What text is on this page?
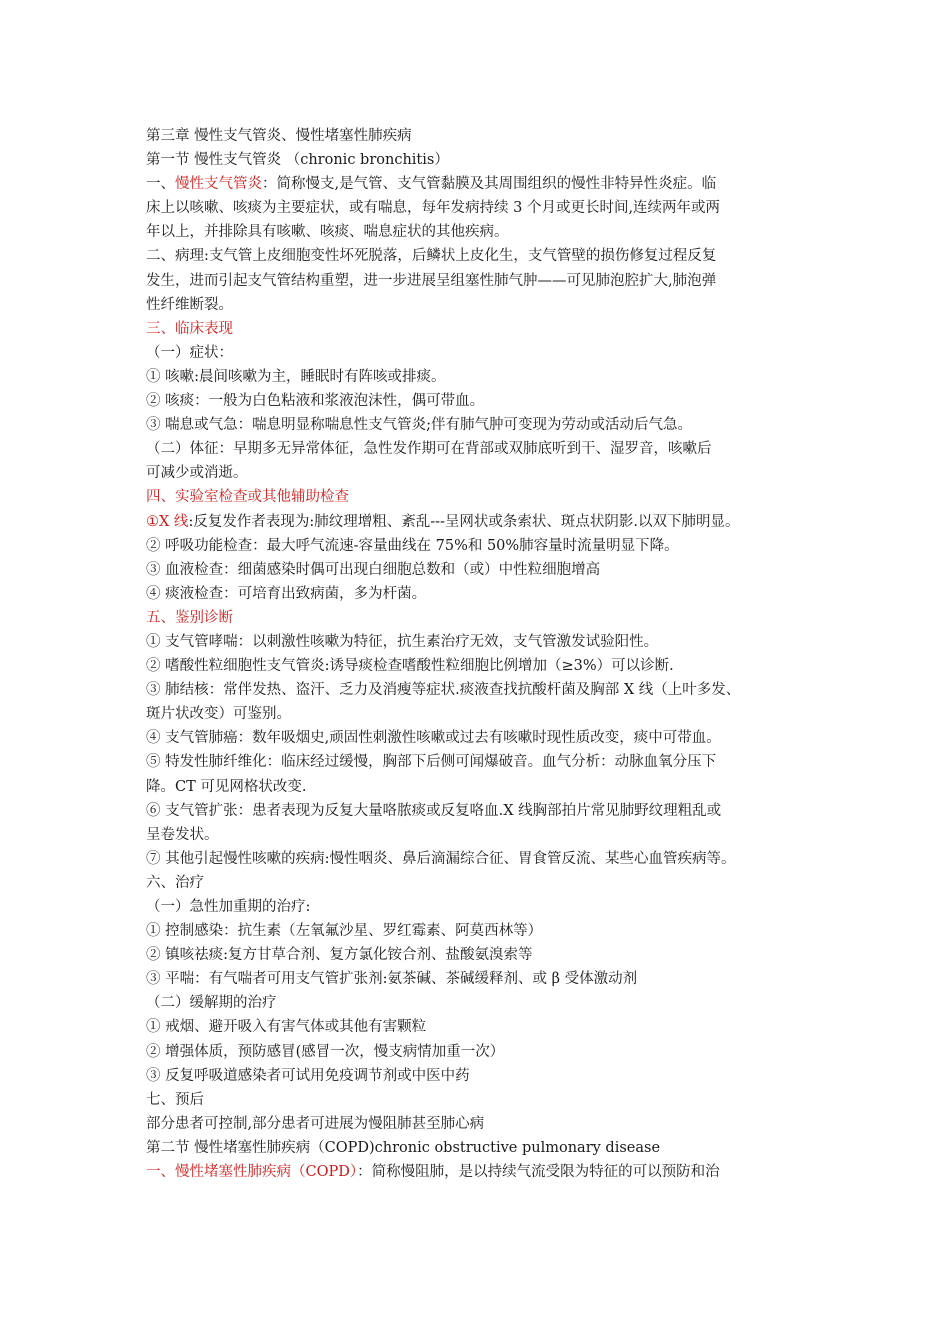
第三章 慢性支气管炎、慢性堵塞性肺疾病
第一节 慢性支气管炎 （chronic bronchitis）
一、慢性支气管炎：简称慢支,是气管、支气管黏膜及其周围组织的慢性非特异性炎症。临
床上以咳嗽、咳痰为主要症状，或有喘息，每年发病持续 3 个月或更长时间,连续两年或两
年以上，并排除具有咳嗽、咳痰、喘息症状的其他疾病。
二、病理:支气管上皮细胞变性坏死脱落，后鳞状上皮化生，支气管壁的损伤修复过程反复
发生，进而引起支气管结构重塑，进一步进展呈组塞性肺气肿——可见肺泡腔扩大,肺泡弹
性纤维断裂。
三、临床表现
（一）症状：
① 咳嗽:晨间咳嗽为主，睡眠时有阵咳或排痰。
② 咳痰：一般为白色粘液和浆液泡沫性，偶可带血。
③ 喘息或气急：喘息明显称喘息性支气管炎;伴有肺气肿可变现为劳动或活动后气急。
（二）体征：早期多无异常体征，急性发作期可在背部或双肺底听到干、湿罗音，咳嗽后
可减少或消逝。
四、实验室检查或其他辅助检查
①X 线:反复发作者表现为:肺纹理增粗、紊乱---呈网状或条索状、斑点状阴影.以双下肺明显。
② 呼吸功能检查：最大呼气流速-容量曲线在 75%和 50%肺容量时流量明显下降。
③ 血液检查：细菌感染时偶可出现白细胞总数和（或）中性粒细胞增高
④ 痰液检查：可培育出致病菌，多为杆菌。
五、鉴别诊断
① 支气管哮喘：以刺激性咳嗽为特征，抗生素治疗无效，支气管激发试验阳性。
② 嗜酸性粒细胞性支气管炎:诱导痰检查嗜酸性粒细胞比例增加（≥3%）可以诊断.
③ 肺结核：常伴发热、盗汗、乏力及消瘦等症状.痰液查找抗酸杆菌及胸部 X 线（上叶多发、
斑片状改变）可鉴别。
④ 支气管肺癌：数年吸烟史,顽固性刺激性咳嗽或过去有咳嗽时现性质改变，痰中可带血。
⑤ 特发性肺纤维化：临床经过缓慢，胸部下后侧可闻爆破音。血气分析：动脉血氧分压下
降。CT 可见网格状改变.
⑥ 支气管扩张：患者表现为反复大量咯脓痰或反复咯血.X 线胸部拍片常见肺野纹理粗乱或
呈卷发状。
⑦ 其他引起慢性咳嗽的疾病:慢性咽炎、鼻后滴漏综合征、胃食管反流、某些心血管疾病等。
六、治疗
（一）急性加重期的治疗:
① 控制感染：抗生素（左氧氟沙星、罗红霉素、阿莫西林等）
② 镇咳祛痰:复方甘草合剂、复方氯化铵合剂、盐酸氨溴索等
③ 平喘：有气喘者可用支气管扩张剂:氨茶碱、茶碱缓释剂、或 β 受体激动剂
（二）缓解期的治疗
① 戒烟、避开吸入有害气体或其他有害颗粒
② 增强体质，预防感冒(感冒一次，慢支病情加重一次）
③ 反复呼吸道感染者可试用免疫调节剂或中医中药
七、预后
部分患者可控制,部分患者可进展为慢阻肺甚至肺心病
第二节 慢性堵塞性肺疾病（COPD)chronic obstructive pulmonary disease
一、慢性堵塞性肺疾病（COPD）：简称慢阻肺，是以持续气流受限为特征的可以预防和治
